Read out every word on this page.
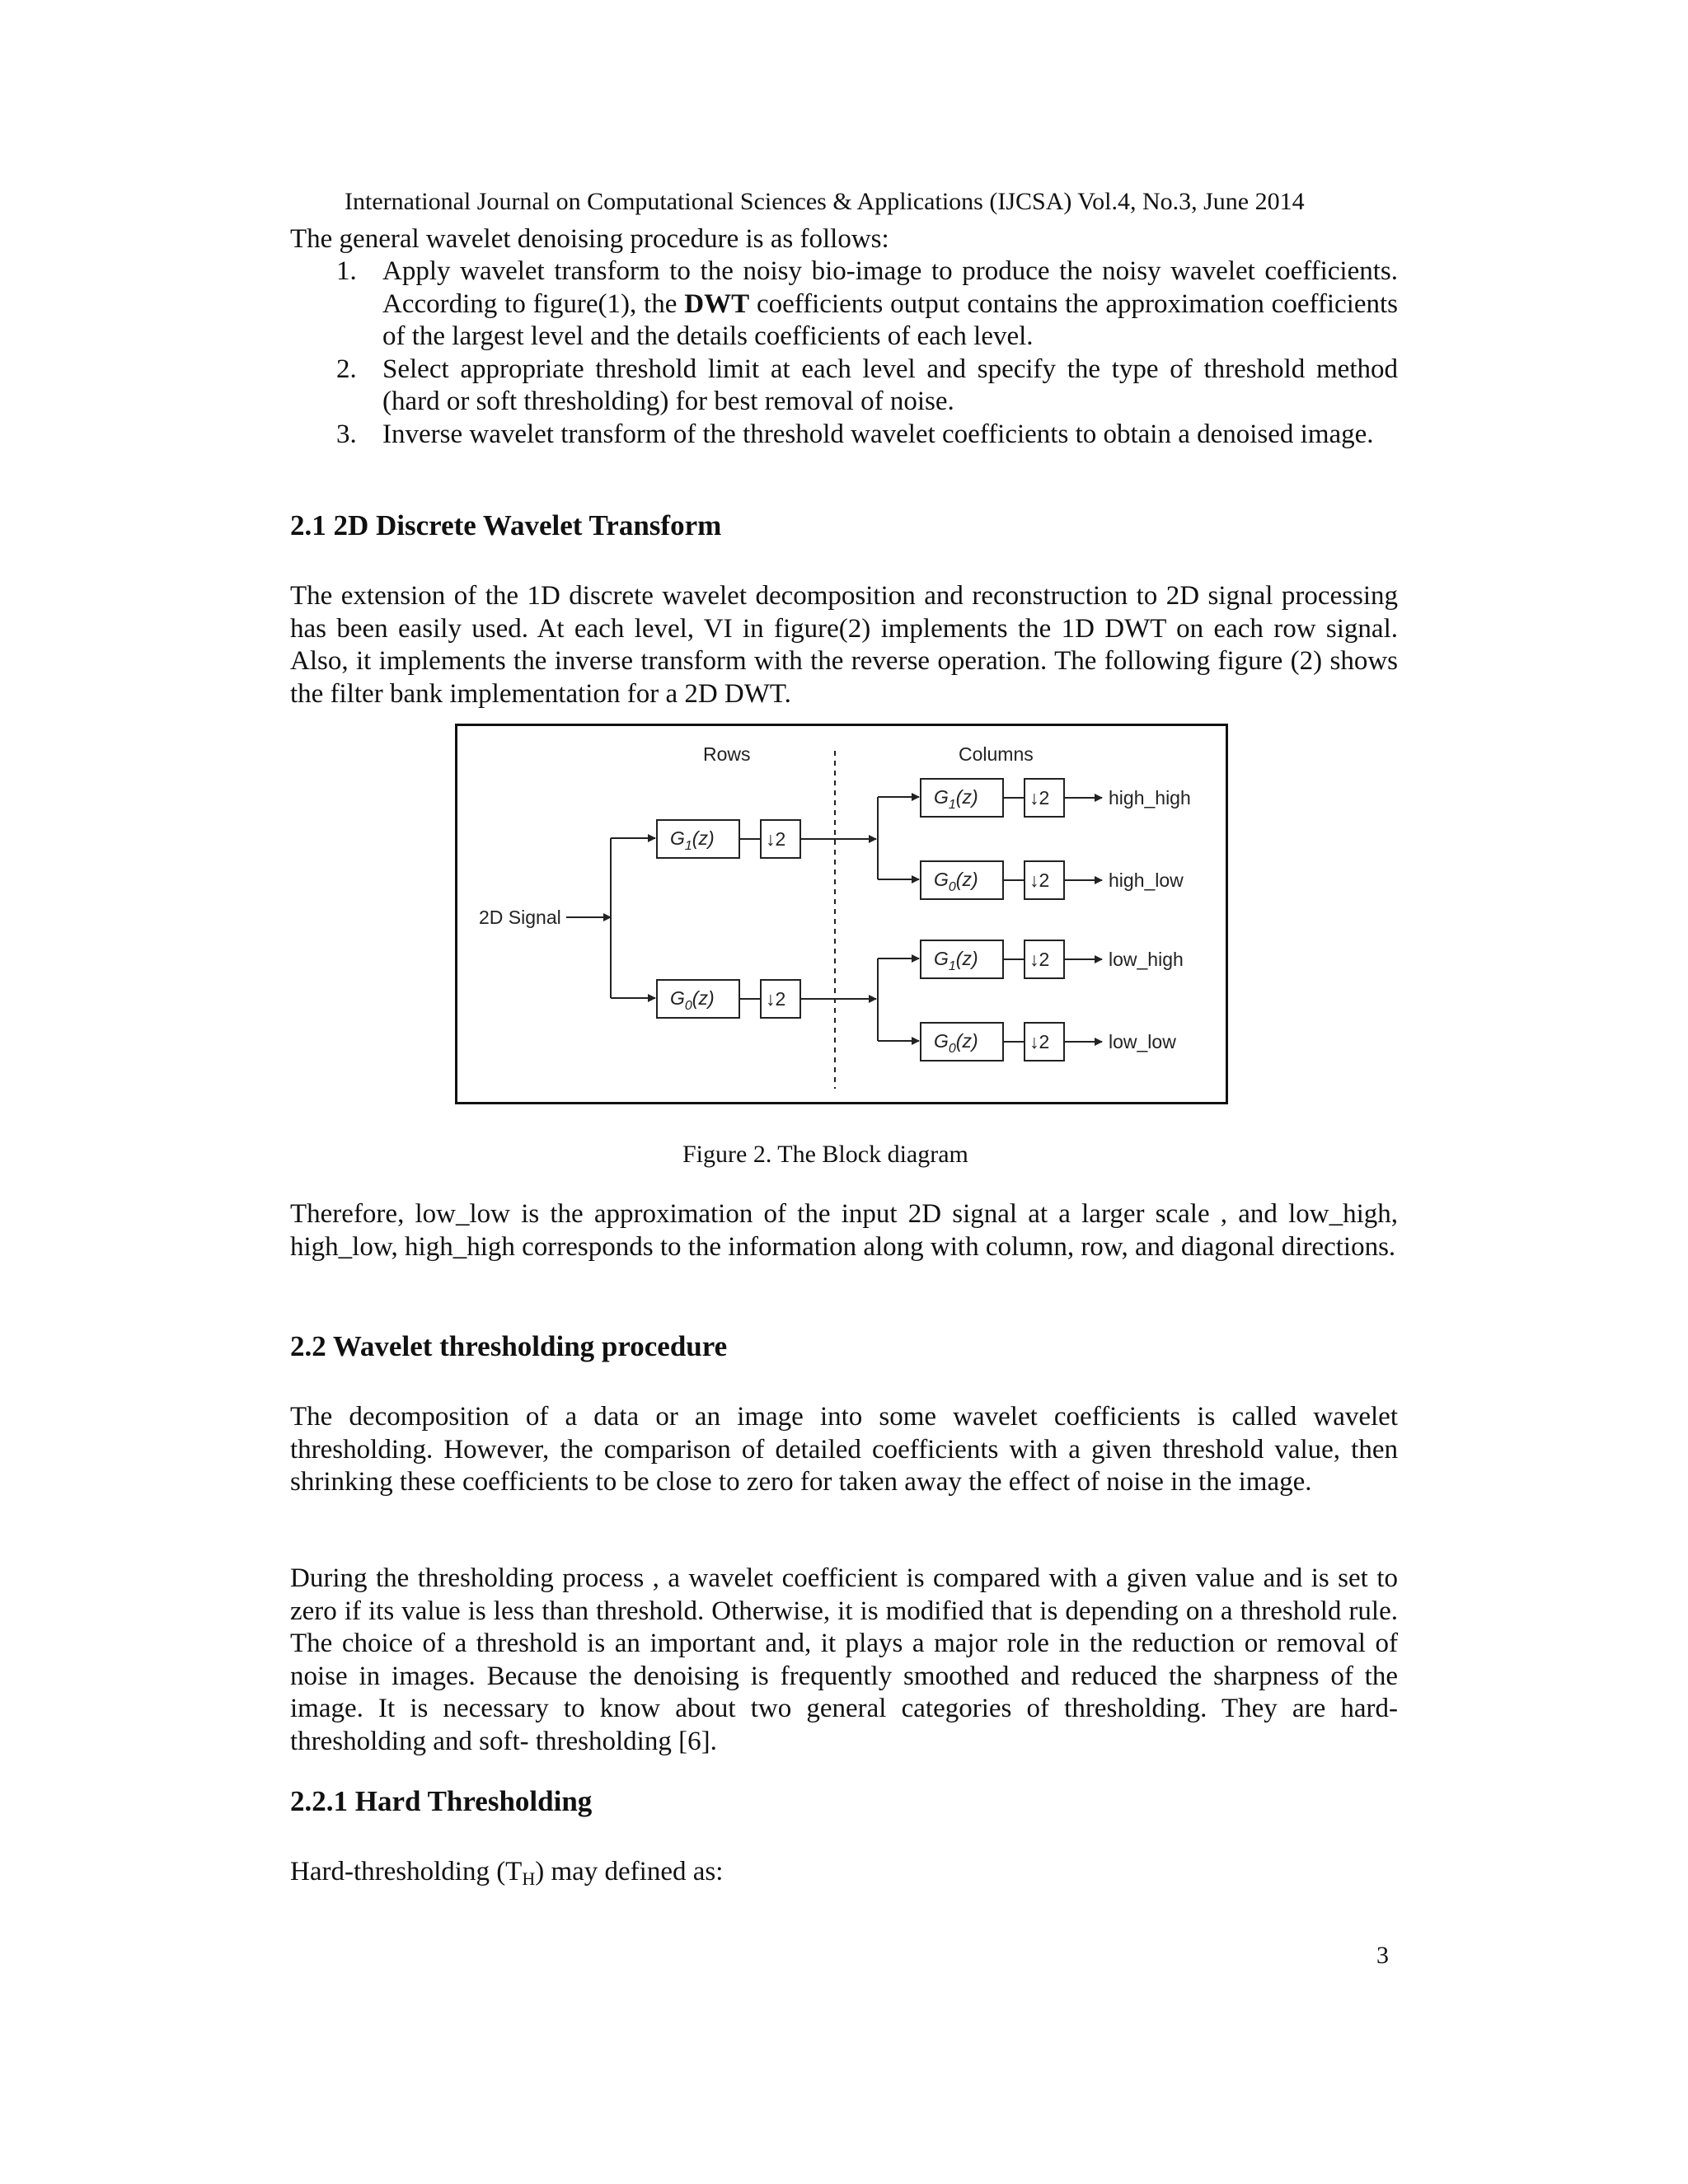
International Journal on Computational Sciences & Applications (IJCSA) Vol.4, No.3, June 2014
The general wavelet denoising procedure is as follows:
1. Apply wavelet transform to the noisy bio-image to produce the noisy wavelet coefficients. According to figure(1), the DWT coefficients output contains the approximation coefficients of the largest level and the details coefficients of each level.
2. Select appropriate threshold limit at each level and specify the type of threshold method (hard or soft thresholding) for best removal of noise.
3. Inverse wavelet transform of the threshold wavelet coefficients to obtain a denoised image.
2.1 2D Discrete Wavelet Transform

The extension of the 1D discrete wavelet decomposition and reconstruction to 2D signal processing has been easily used. At each level, VI in figure(2) implements the 1D DWT on each row signal. Also, it implements the inverse transform with the reverse operation. The following figure (2) shows the filter bank implementation for a 2D DWT.

Rows	Columns
2D Signal
$G_1(z)$
$G_0(z)$
↓2
↓2
$G_1(z)$
$G_0(z)$
$G_1(z)$
$G_0(z)$
↓2
↓2
↓2
↓2
high_high
high_low
low_high
low_low
Figure 2. The Block diagram

Therefore, low_low is the approximation of the input 2D signal at a larger scale , and low_high, high_low, high_high corresponds to the information along with column, row, and diagonal directions.

2.2 Wavelet thresholding procedure

The decomposition of a data or an image into some wavelet coefficients is called wavelet thresholding. However, the comparison of detailed coefficients with a given threshold value, then shrinking these coefficients to be close to zero for taken away the effect of noise in the image.

During the thresholding process , a wavelet coefficient is compared with a given value and is set to zero if its value is less than threshold. Otherwise, it is modified that is depending on a threshold rule. The choice of a threshold is an important and, it plays a major role in the reduction or removal of noise in images. Because the denoising is frequently smoothed and reduced the sharpness of the image. It is necessary to know about two general categories of thresholding. They are hard-thresholding and soft- thresholding [6].

2.2.1 Hard Thresholding

Hard-thresholding $(T_H)$ may defined as:

3
